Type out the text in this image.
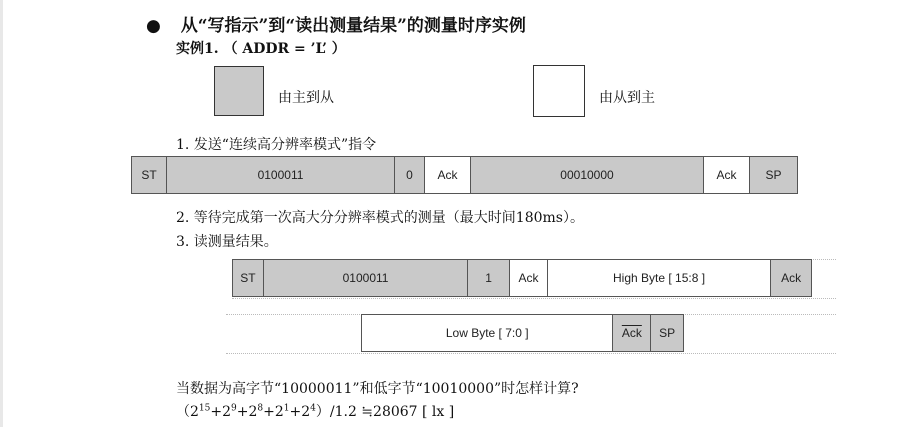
● 从“写指示”到“读出测量结果”的测量时序实例
实例1. （ ADDR = ’L’ ）
由主到从	由从到主
1. 发送“连续高分辨率模式”指令
ST	0100011	0	Ack	00010000	Ack	SP
2. 等待完成第一次高大分分辨率模式的测量（最大时间180ms）。
3. 读测量结果。
ST	0100011	1	Ack	High Byte [ 15:8 ]	Ack
Low Byte [ 7:0 ]	$\overline{Ack}$	SP
当数据为高字节“10000011”和低字节“10010000”时怎样计算?
$(2^{15}+2^9+2^8+2^1+2^4)/1.2$ ≒28067 [ lx ]
